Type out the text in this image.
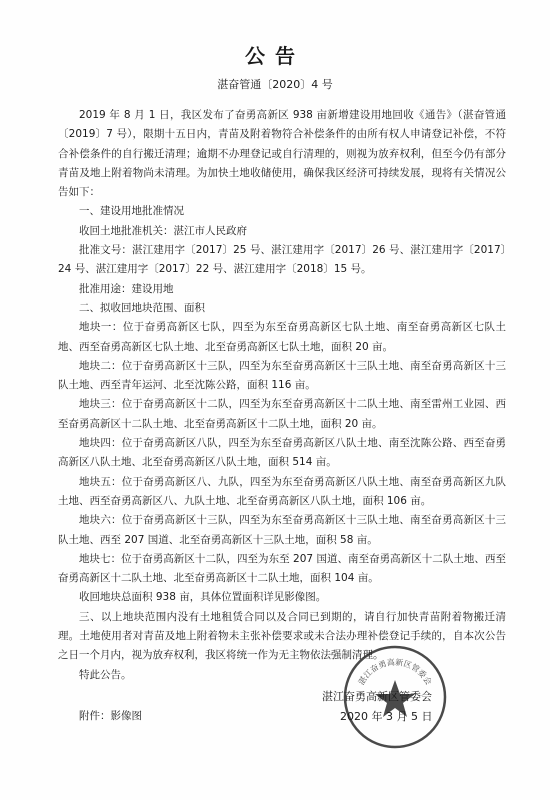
公告
湛奋管通〔2020〕4 号

2019 年 8 月 1 日，我区发布了奋勇高新区 938 亩新增建设用地回收《通告》（湛奋管通〔2019〕7 号），限期十五日内，青苗及附着物符合补偿条件的由所有权人申请登记补偿，不符合补偿条件的自行搬迁清理；逾期不办理登记或自行清理的，则视为放弃权利，但至今仍有部分青苗及地上附着物尚未清理。为加快土地收储使用，确保我区经济可持续发展，现将有关情况公告如下：

一、建设用地批准情况

收回土地批准机关：湛江市人民政府

批准文号：湛江建用字〔2017〕25 号、湛江建用字〔2017〕26 号、湛江建用字〔2017〕24 号、湛江建用字〔2017〕22 号、湛江建用字〔2018〕15 号。

批准用途：建设用地

二、拟收回地块范围、面积

地块一：位于奋勇高新区七队，四至为东至奋勇高新区七队土地、南至奋勇高新区七队土地、西至奋勇高新区七队土地、北至奋勇高新区七队土地，面积 20 亩。

地块二：位于奋勇高新区十三队，四至为东至奋勇高新区十三队土地、南至奋勇高新区十三队土地、西至青年运河、北至沈陈公路，面积 116 亩。

地块三：位于奋勇高新区十二队，四至为东至奋勇高新区十二队土地、南至雷州工业园、西至奋勇高新区十二队土地、北至奋勇高新区十二队土地，面积 20 亩。

地块四：位于奋勇高新区八队，四至为东至奋勇高新区八队土地、南至沈陈公路、西至奋勇高新区八队土地、北至奋勇高新区八队土地，面积 514 亩。

地块五：位于奋勇高新区八、九队，四至为东至奋勇高新区八队土地、南至奋勇高新区九队土地、西至奋勇高新区八、九队土地、北至奋勇高新区八队土地，面积 106 亩。

地块六：位于奋勇高新区十三队，四至为东至奋勇高新区十三队土地、南至奋勇高新区十三队土地、西至 207 国道、北至奋勇高新区十三队土地，面积 58 亩。

地块七：位于奋勇高新区十二队，四至为东至 207 国道、南至奋勇高新区十二队土地、西至奋勇高新区十二队土地、北至奋勇高新区十二队土地，面积 104 亩。

收回地块总面积 938 亩，具体位置面积详见影像图。

三、以上地块范围内没有土地租赁合同以及合同已到期的，请自行加快青苗附着物搬迁清理。土地使用者对青苗及地上附着物未主张补偿要求或未合法办理补偿登记手续的，自本次公告之日一个月内，视为放弃权利，我区将统一作为无主物依法强制清理。

特此公告。

附件：影像图

湛江奋勇高新区管委会
湛江奋勇高新区管委会
2020 年 3 月 5 日
